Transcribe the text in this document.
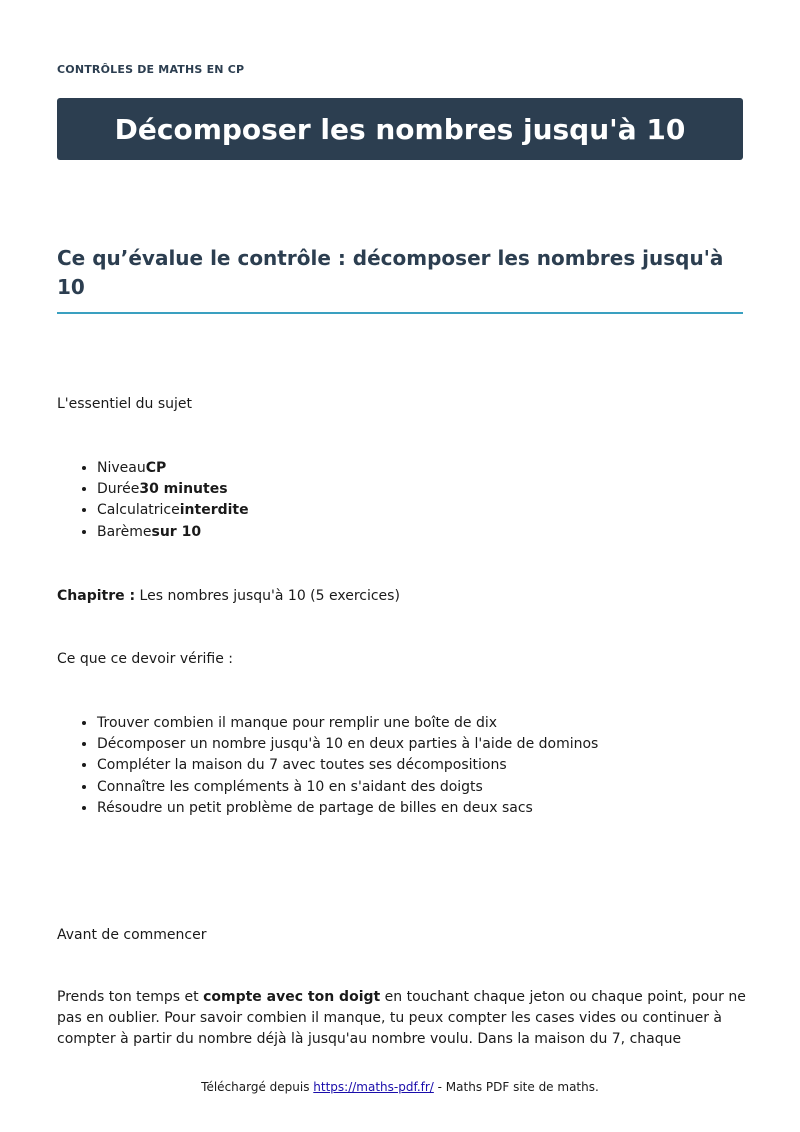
CONTRÔLES DE MATHS EN CP
Décomposer les nombres jusqu'à 10
Ce qu’évalue le contrôle : décomposer les nombres jusqu'à 10

L'essentiel du sujet

• NiveauCP
• Durée30 minutes
• Calculatriceinterdite
• Barèmesur 10

Chapitre : Les nombres jusqu'à 10 (5 exercices)

Ce que ce devoir vérifie :

• Trouver combien il manque pour remplir une boîte de dix
• Décomposer un nombre jusqu'à 10 en deux parties à l'aide de dominos
• Compléter la maison du 7 avec toutes ses décompositions
• Connaître les compléments à 10 en s'aidant des doigts
• Résoudre un petit problème de partage de billes en deux sacs

Avant de commencer

Prends ton temps et compte avec ton doigt en touchant chaque jeton ou chaque point, pour ne pas en oublier. Pour savoir combien il manque, tu peux compter les cases vides ou continuer à compter à partir du nombre déjà là jusqu'au nombre voulu. Dans la maison du 7, chaque

Téléchargé depuis https://maths-pdf.fr/ - Maths PDF site de maths.
